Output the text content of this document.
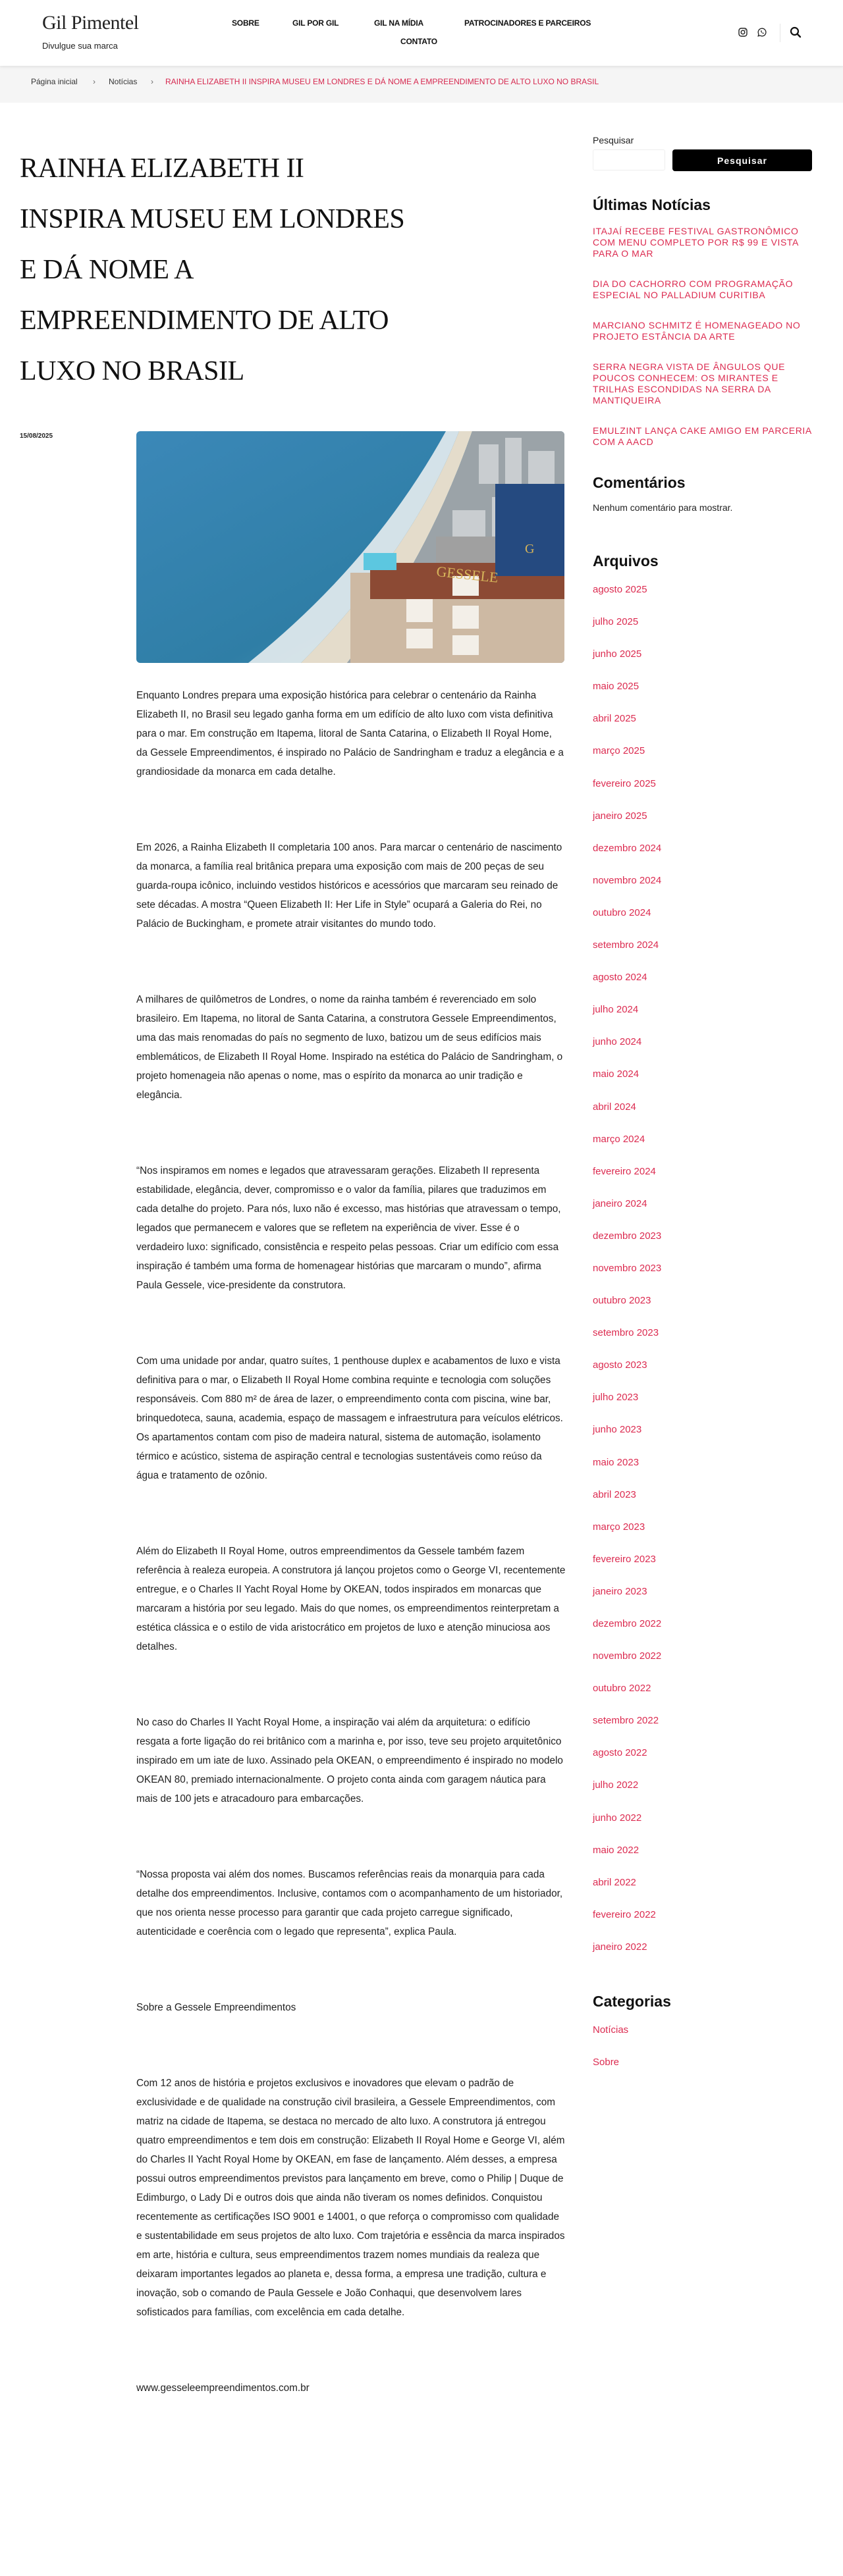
Gil Pimentel
Divulgue sua marca
SOBRE	GIL POR GIL	GIL NA MÍDIA	PATROCINADORES E PARCEIROS
CONTATO
Página inicial › Notícias › RAINHA ELIZABETH II INSPIRA MUSEU EM LONDRES E DÁ NOME A EMPREENDIMENTO DE ALTO LUXO NO BRASIL
RAINHA ELIZABETH II INSPIRA MUSEU EM LONDRES E DÁ NOME A EMPREENDIMENTO DE ALTO LUXO NO BRASIL
15/08/2025
GESSELE
G

Enquanto Londres prepara uma exposição histórica para celebrar o centenário da Rainha Elizabeth II, no Brasil seu legado ganha forma em um edifício de alto luxo com vista definitiva para o mar. Em construção em Itapema, litoral de Santa Catarina, o Elizabeth II Royal Home, da Gessele Empreendimentos, é inspirado no Palácio de Sandringham e traduz a elegância e a grandiosidade da monarca em cada detalhe.

Em 2026, a Rainha Elizabeth II completaria 100 anos. Para marcar o centenário de nascimento da monarca, a família real britânica prepara uma exposição com mais de 200 peças de seu guarda-roupa icônico, incluindo vestidos históricos e acessórios que marcaram seu reinado de sete décadas. A mostra “Queen Elizabeth II: Her Life in Style” ocupará a Galeria do Rei, no Palácio de Buckingham, e promete atrair visitantes do mundo todo.

A milhares de quilômetros de Londres, o nome da rainha também é reverenciado em solo brasileiro. Em Itapema, no litoral de Santa Catarina, a construtora Gessele Empreendimentos, uma das mais renomadas do país no segmento de luxo, batizou um de seus edifícios mais emblemáticos, de Elizabeth II Royal Home. Inspirado na estética do Palácio de Sandringham, o projeto homenageia não apenas o nome, mas o espírito da monarca ao unir tradição e elegância.

“Nos inspiramos em nomes e legados que atravessaram gerações. Elizabeth II representa estabilidade, elegância, dever, compromisso e o valor da família, pilares que traduzimos em cada detalhe do projeto. Para nós, luxo não é excesso, mas histórias que atravessam o tempo, legados que permanecem e valores que se refletem na experiência de viver. Esse é o verdadeiro luxo: significado, consistência e respeito pelas pessoas. Criar um edifício com essa inspiração é também uma forma de homenagear histórias que marcaram o mundo”, afirma Paula Gessele, vice-presidente da construtora.

Com uma unidade por andar, quatro suítes, 1 penthouse duplex e acabamentos de luxo e vista definitiva para o mar, o Elizabeth II Royal Home combina requinte e tecnologia com soluções responsáveis. Com 880 m² de área de lazer, o empreendimento conta com piscina, wine bar, brinquedoteca, sauna, academia, espaço de massagem e infraestrutura para veículos elétricos. Os apartamentos contam com piso de madeira natural, sistema de automação, isolamento térmico e acústico, sistema de aspiração central e tecnologias sustentáveis como reúso da água e tratamento de ozônio.

Além do Elizabeth II Royal Home, outros empreendimentos da Gessele também fazem referência à realeza europeia. A construtora já lançou projetos como o George VI, recentemente entregue, e o Charles II Yacht Royal Home by OKEAN, todos inspirados em monarcas que marcaram a história por seu legado. Mais do que nomes, os empreendimentos reinterpretam a estética clássica e o estilo de vida aristocrático em projetos de luxo e atenção minuciosa aos detalhes.

No caso do Charles II Yacht Royal Home, a inspiração vai além da arquitetura: o edifício resgata a forte ligação do rei britânico com a marinha e, por isso, teve seu projeto arquitetônico inspirado em um iate de luxo. Assinado pela OKEAN, o empreendimento é inspirado no modelo OKEAN 80, premiado internacionalmente. O projeto conta ainda com garagem náutica para mais de 100 jets e atracadouro para embarcações.

“Nossa proposta vai além dos nomes. Buscamos referências reais da monarquia para cada detalhe dos empreendimentos. Inclusive, contamos com o acompanhamento de um historiador, que nos orienta nesse processo para garantir que cada projeto carregue significado, autenticidade e coerência com o legado que representa”, explica Paula.

Sobre a Gessele Empreendimentos

Com 12 anos de história e projetos exclusivos e inovadores que elevam o padrão de exclusividade e de qualidade na construção civil brasileira, a Gessele Empreendimentos, com matriz na cidade de Itapema, se destaca no mercado de alto luxo. A construtora já entregou quatro empreendimentos e tem dois em construção: Elizabeth II Royal Home e George VI, além do Charles II Yacht Royal Home by OKEAN, em fase de lançamento. Além desses, a empresa possui outros empreendimentos previstos para lançamento em breve, como o Philip | Duque de Edimburgo, o Lady Di e outros dois que ainda não tiveram os nomes definidos. Conquistou recentemente as certificações ISO 9001 e 14001, o que reforça o compromisso com qualidade e sustentabilidade em seus projetos de alto luxo. Com trajetória e essência da marca inspirados em arte, história e cultura, seus empreendimentos trazem nomes mundiais da realeza que deixaram importantes legados ao planeta e, dessa forma, a empresa une tradição, cultura e inovação, sob o comando de Paula Gessele e João Conhaqui, que desenvolvem lares sofisticados para famílias, com excelência em cada detalhe.

www.gesseleempreendimentos.com.br

Pesquisar
Pesquisar
Últimas Notícias
ITAJAÍ RECEBE FESTIVAL GASTRONÔMICO COM MENU COMPLETO POR R$ 99 E VISTA PARA O MAR
DIA DO CACHORRO COM PROGRAMAÇÃO ESPECIAL NO PALLADIUM CURITIBA
MARCIANO SCHMITZ É HOMENAGEADO NO PROJETO ESTÂNCIA DA ARTE
SERRA NEGRA VISTA DE ÂNGULOS QUE POUCOS CONHECEM: OS MIRANTES E TRILHAS ESCONDIDAS NA SERRA DA MANTIQUEIRA
EMULZINT LANÇA CAKE AMIGO EM PARCERIA COM A AACD
Comentários
Nenhum comentário para mostrar.
Arquivos
agosto 2025
julho 2025
junho 2025
maio 2025
abril 2025
março 2025
fevereiro 2025
janeiro 2025
dezembro 2024
novembro 2024
outubro 2024
setembro 2024
agosto 2024
julho 2024
junho 2024
maio 2024
abril 2024
março 2024
fevereiro 2024
janeiro 2024
dezembro 2023
novembro 2023
outubro 2023
setembro 2023
agosto 2023
julho 2023
junho 2023
maio 2023
abril 2023
março 2023
fevereiro 2023
janeiro 2023
dezembro 2022
novembro 2022
outubro 2022
setembro 2022
agosto 2022
julho 2022
junho 2022
maio 2022
abril 2022
fevereiro 2022
janeiro 2022
Categorias
Notícias
Sobre
